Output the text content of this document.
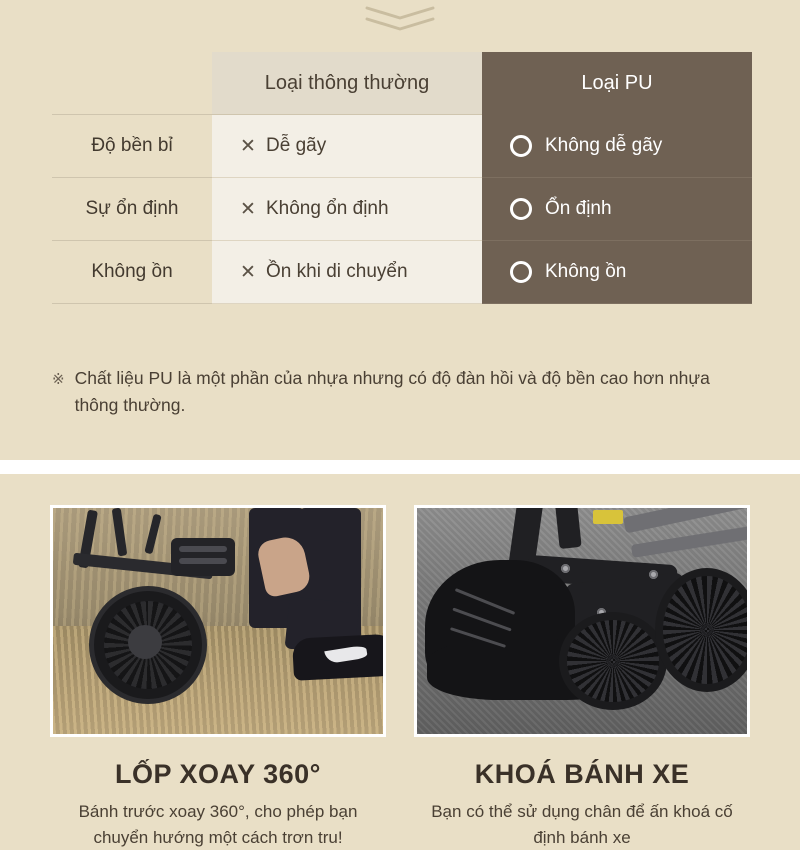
	Loại thông thường	Loại PU
Độ bền bỉ	✕ Dễ gãy	Không dễ gãy

Sự ổn định	✕ Không ổn định	Ổn định

Không ồn	✕ Ồn khi di chuyển	Không ồn
※ Chất liệu PU là một phần của nhựa nhưng có độ đàn hồi và độ bền cao hơn nhựa thông thường.
LỐP XOAY 360°
Bánh trước xoay 360°, cho phép bạn chuyển hướng một cách trơn tru!
KHOÁ BÁNH XE
Bạn có thể sử dụng chân để ấn khoá cố định bánh xe
